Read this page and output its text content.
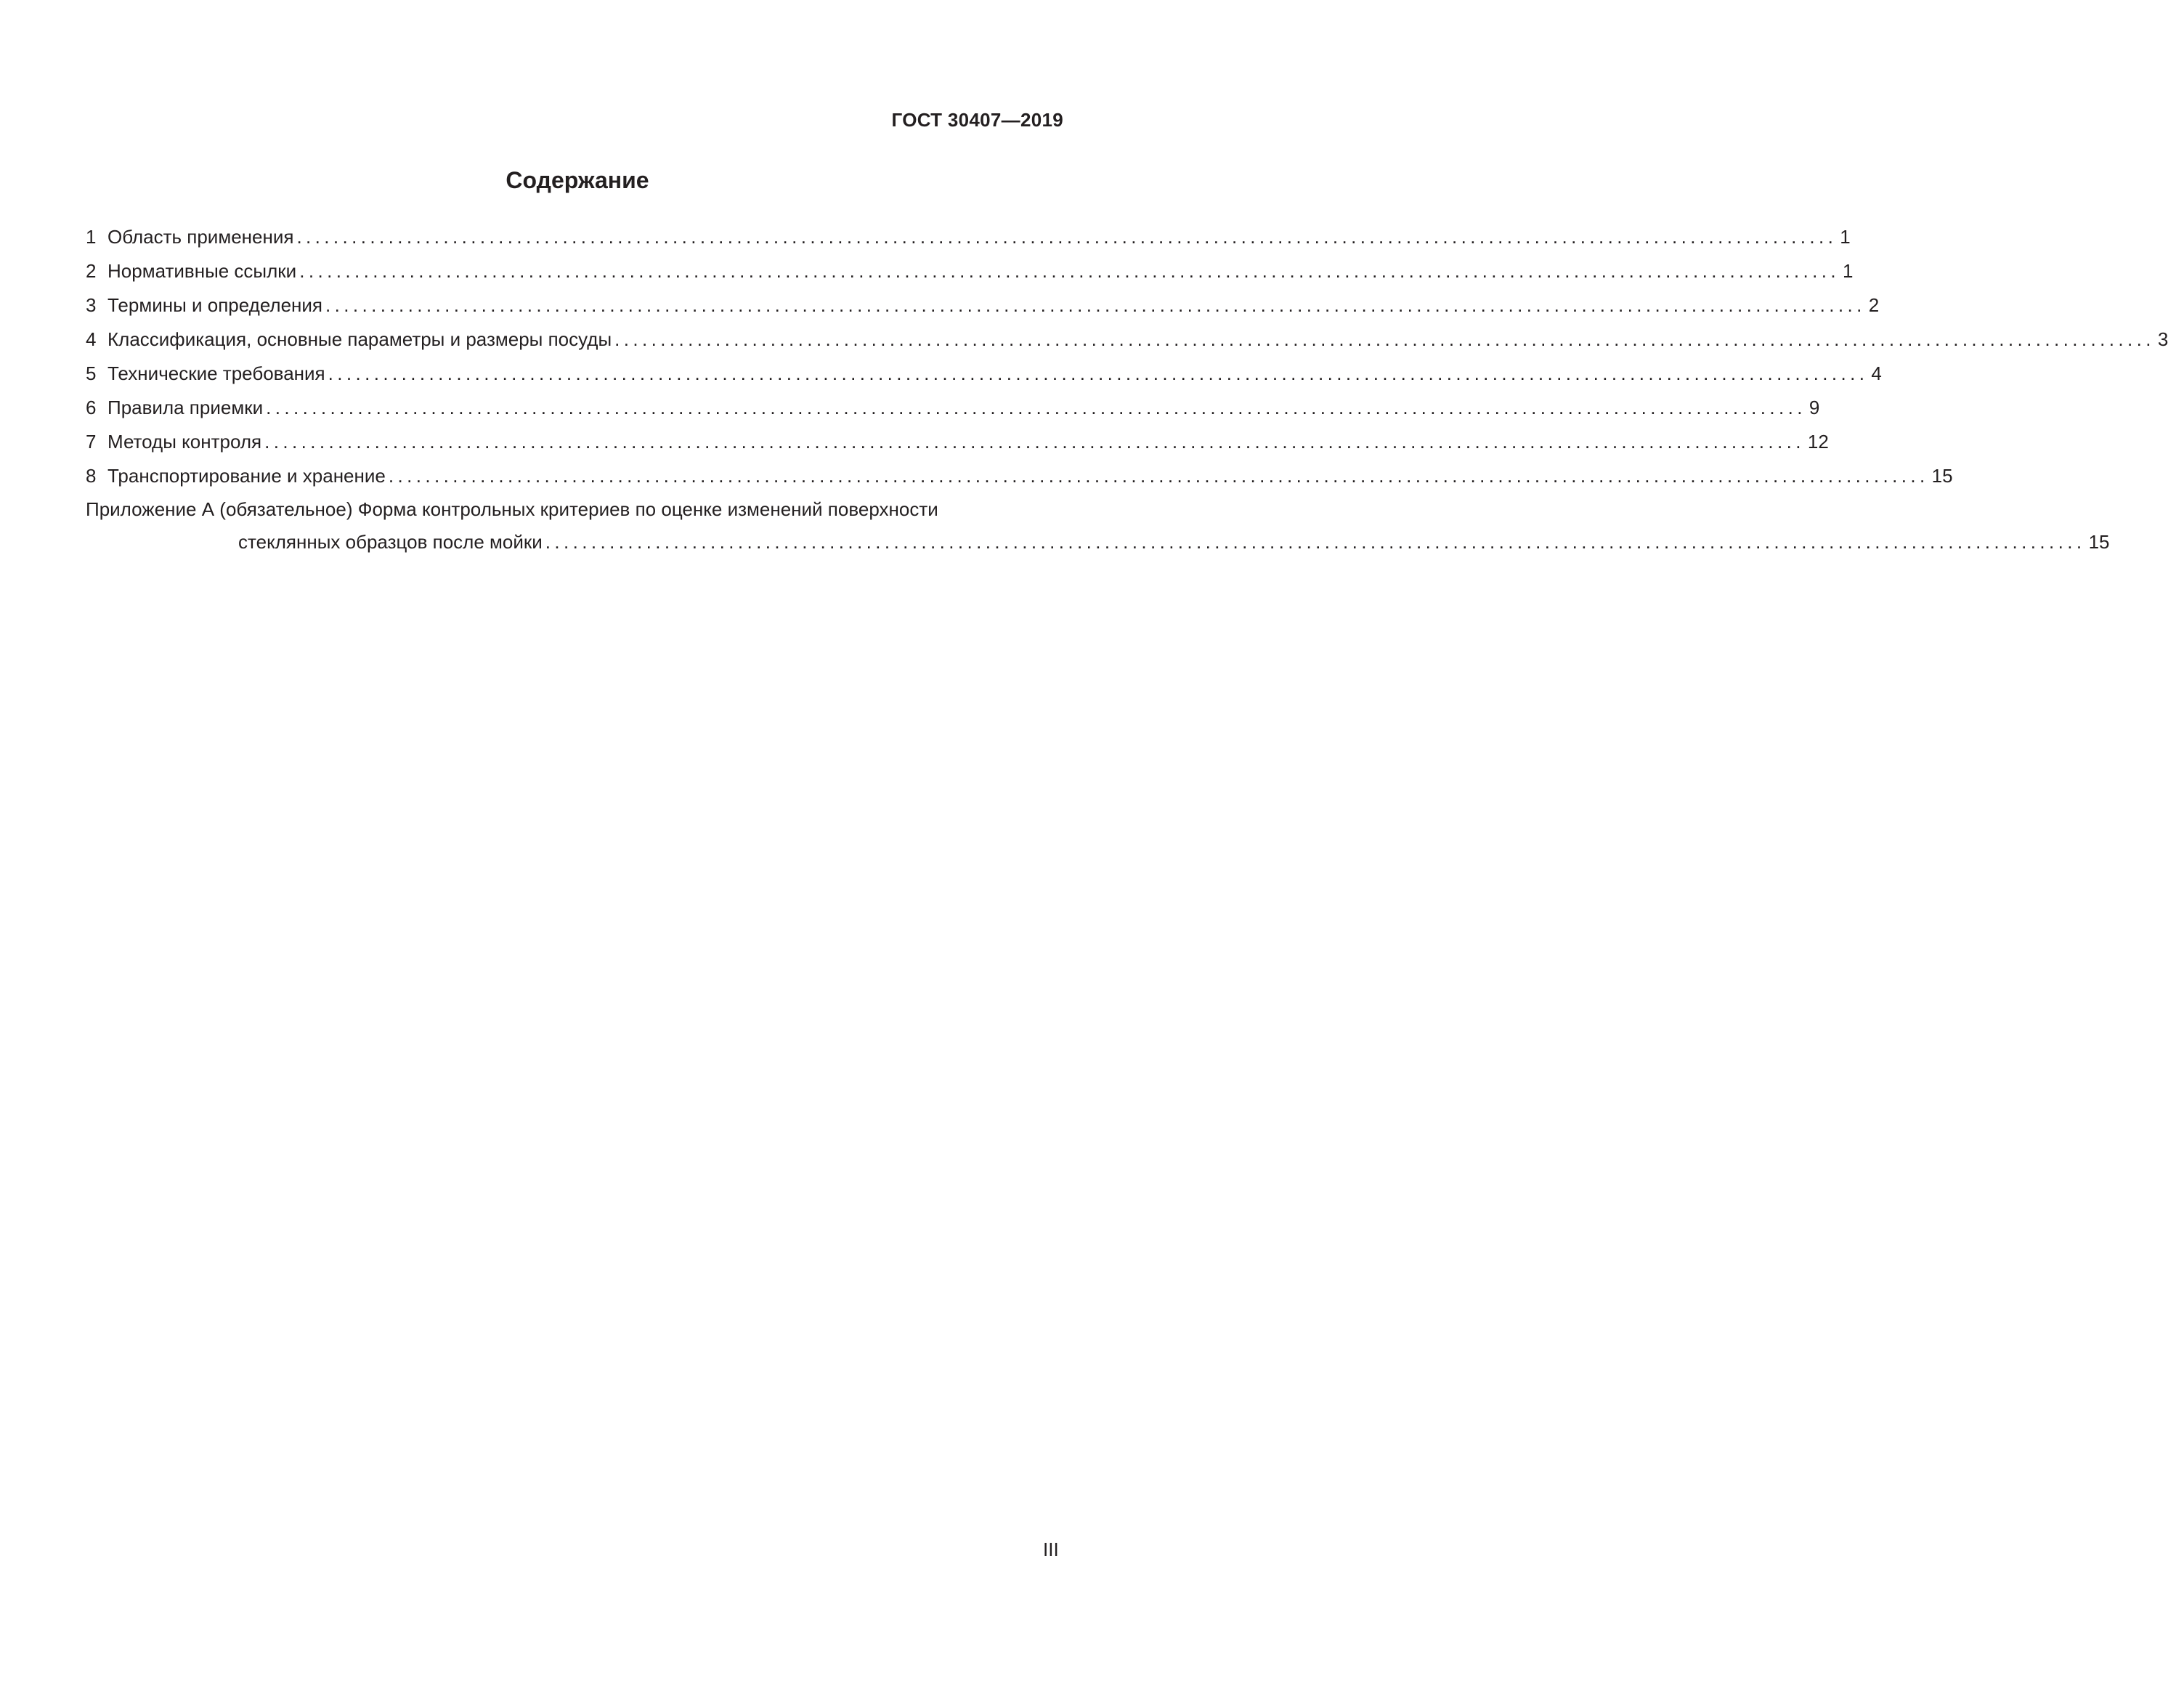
ГОСТ 30407—2019
Содержание
1 Область применения ........................................................................................................................................................................ 1
2 Нормативные ссылки ........................................................................................................................................................................ 1
3 Термины и определения ........................................................................................................................................................................ 2
4 Классификация, основные параметры и размеры посуды ........................................................................................................................................................................ 3
5 Технические требования ........................................................................................................................................................................ 4
6 Правила приемки ........................................................................................................................................................................ 9
7 Методы контроля ........................................................................................................................................................................ 12
8 Транспортирование и хранение ........................................................................................................................................................................ 15
Приложение А (обязательное) Форма контрольных критериев по оценке изменений поверхности
стеклянных образцов после мойки ........................................................................................................................................................................ 15
III
